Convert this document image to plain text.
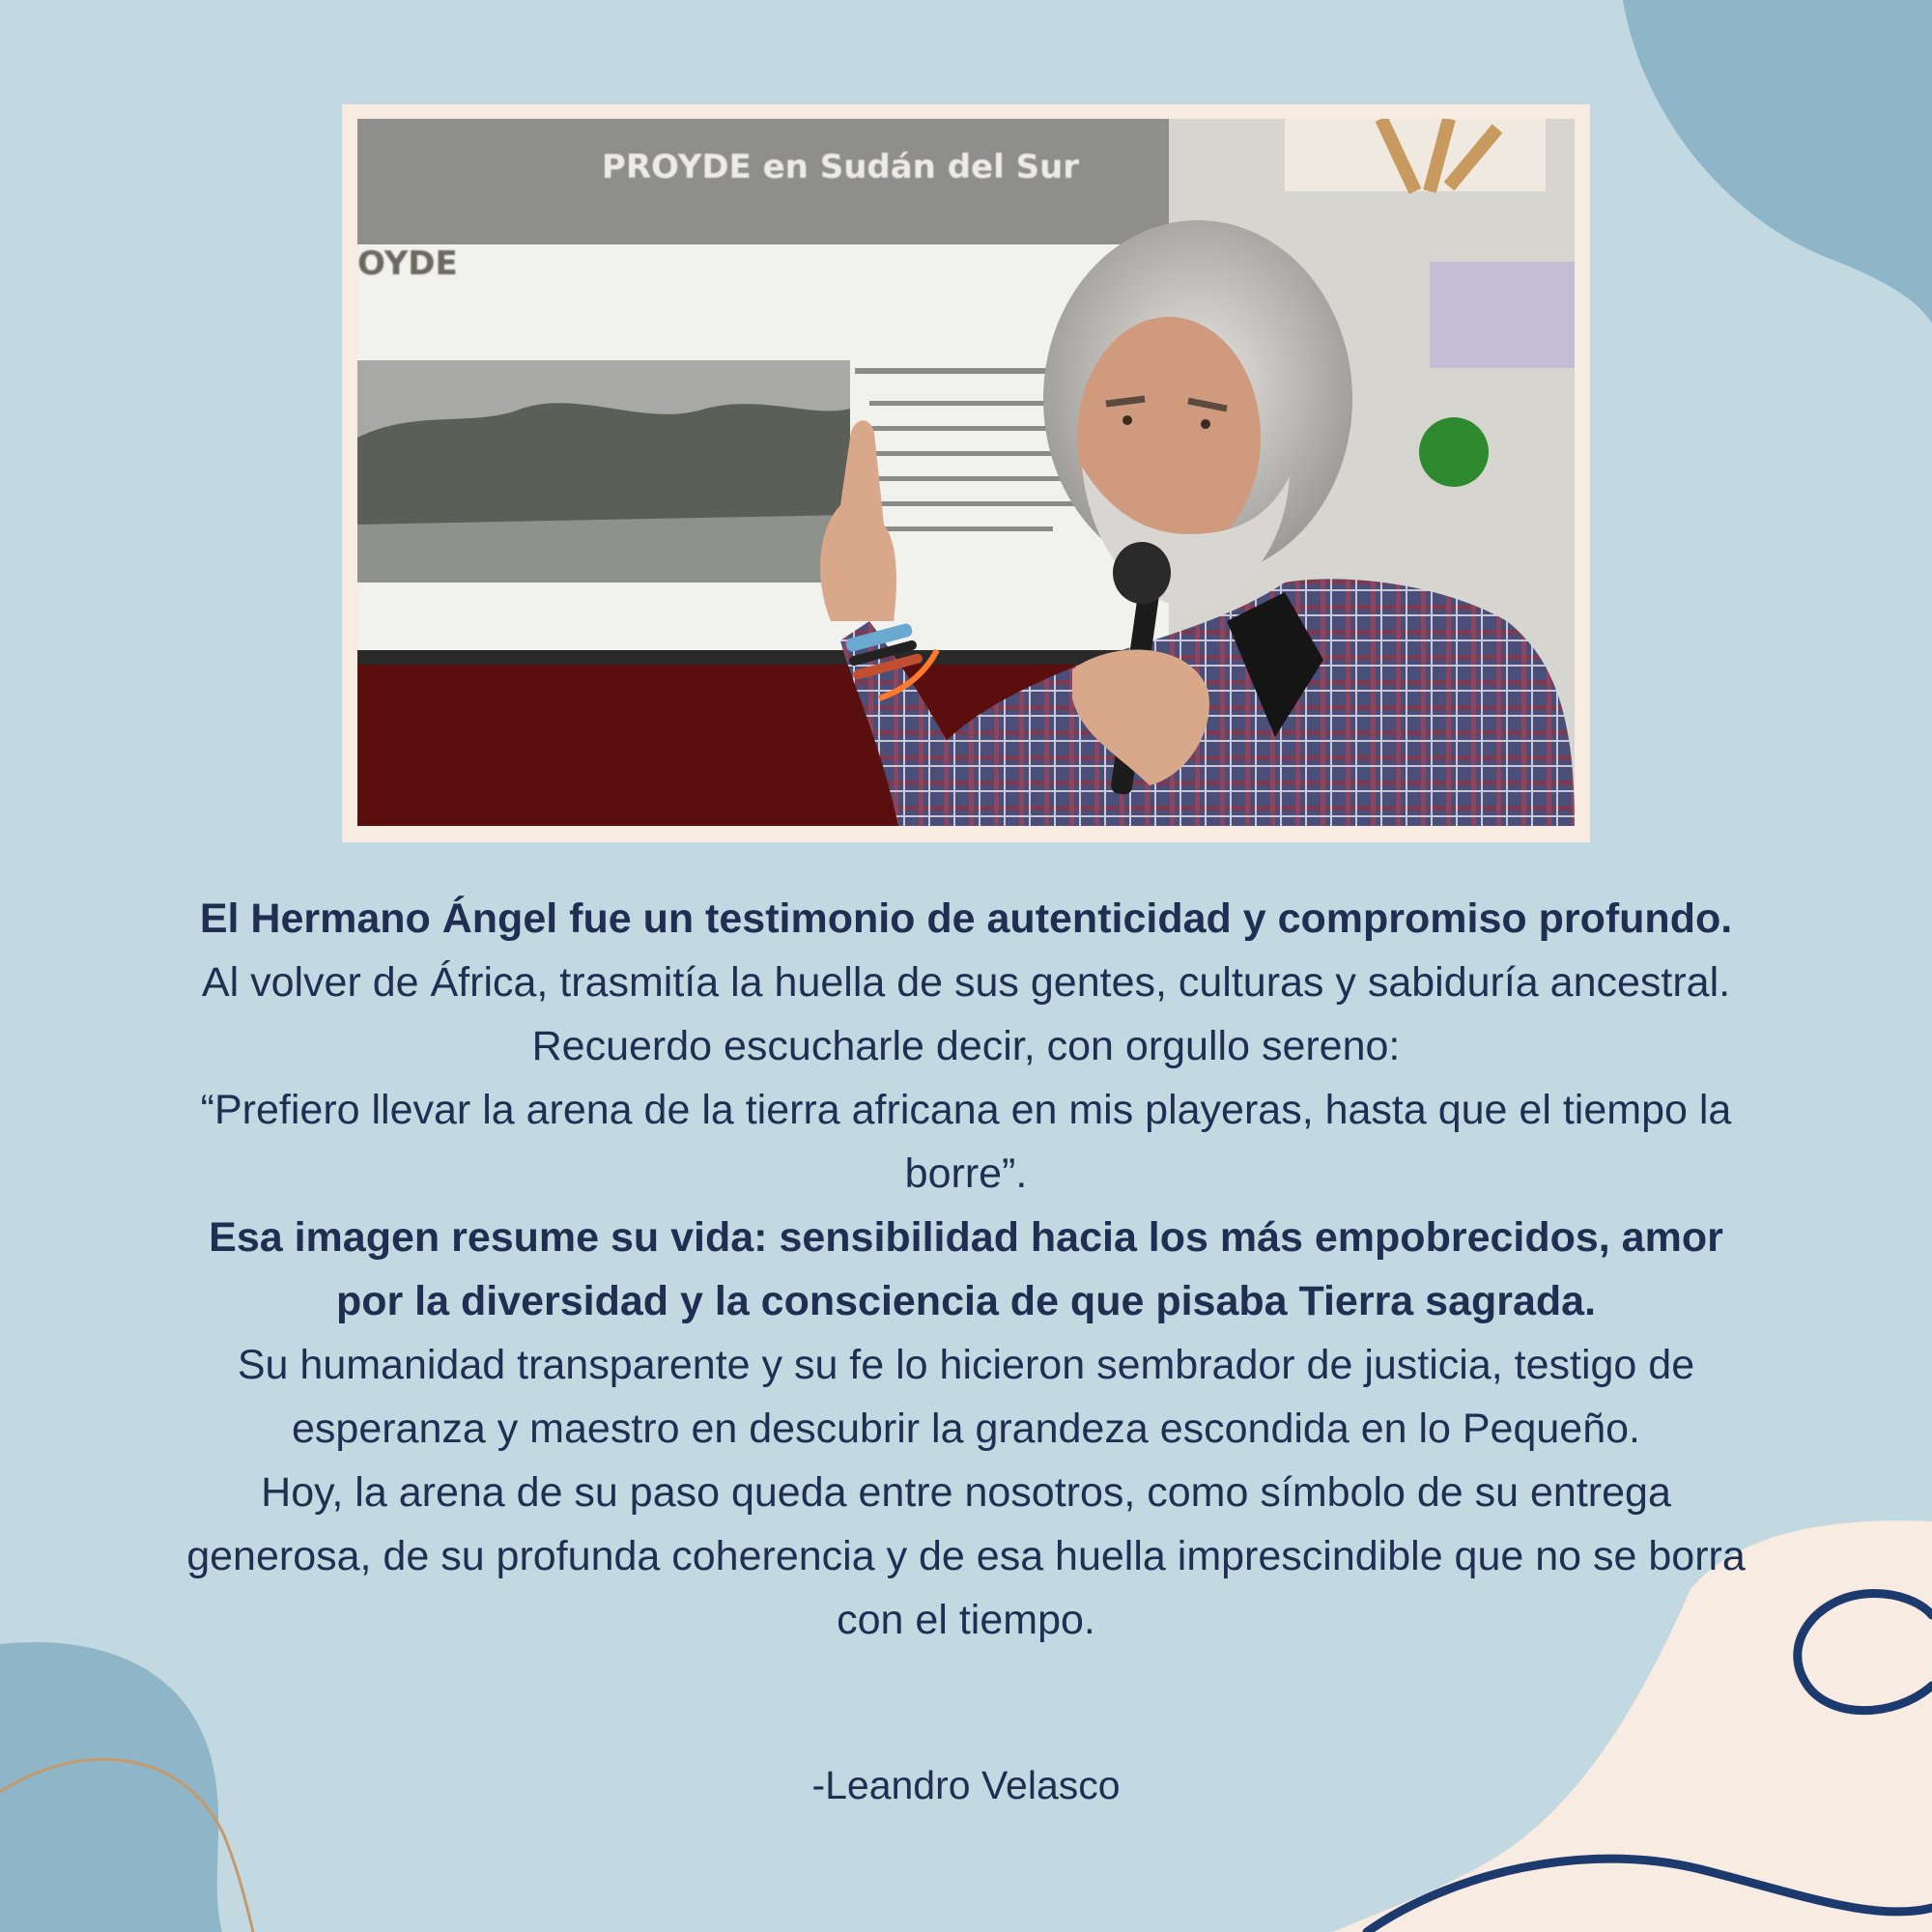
PROYDE en Sudán del Sur
OYDE

El Hermano Ángel fue un testimonio de autenticidad y compromiso profundo.

Al volver de África, trasmitía la huella de sus gentes, culturas y sabiduría ancestral.

Recuerdo escucharle decir, con orgullo sereno:

“Prefiero llevar la arena de la tierra africana en mis playeras, hasta que el tiempo la borre”.

Esa imagen resume su vida: sensibilidad hacia los más empobrecidos, amor por la diversidad y la consciencia de que pisaba Tierra sagrada.

Su humanidad transparente y su fe lo hicieron sembrador de justicia, testigo de esperanza y maestro en descubrir la grandeza escondida en lo Pequeño.

Hoy, la arena de su paso queda entre nosotros, como símbolo de su entrega generosa, de su profunda coherencia y de esa huella imprescindible que no se borra con el tiempo.

-Leandro Velasco
